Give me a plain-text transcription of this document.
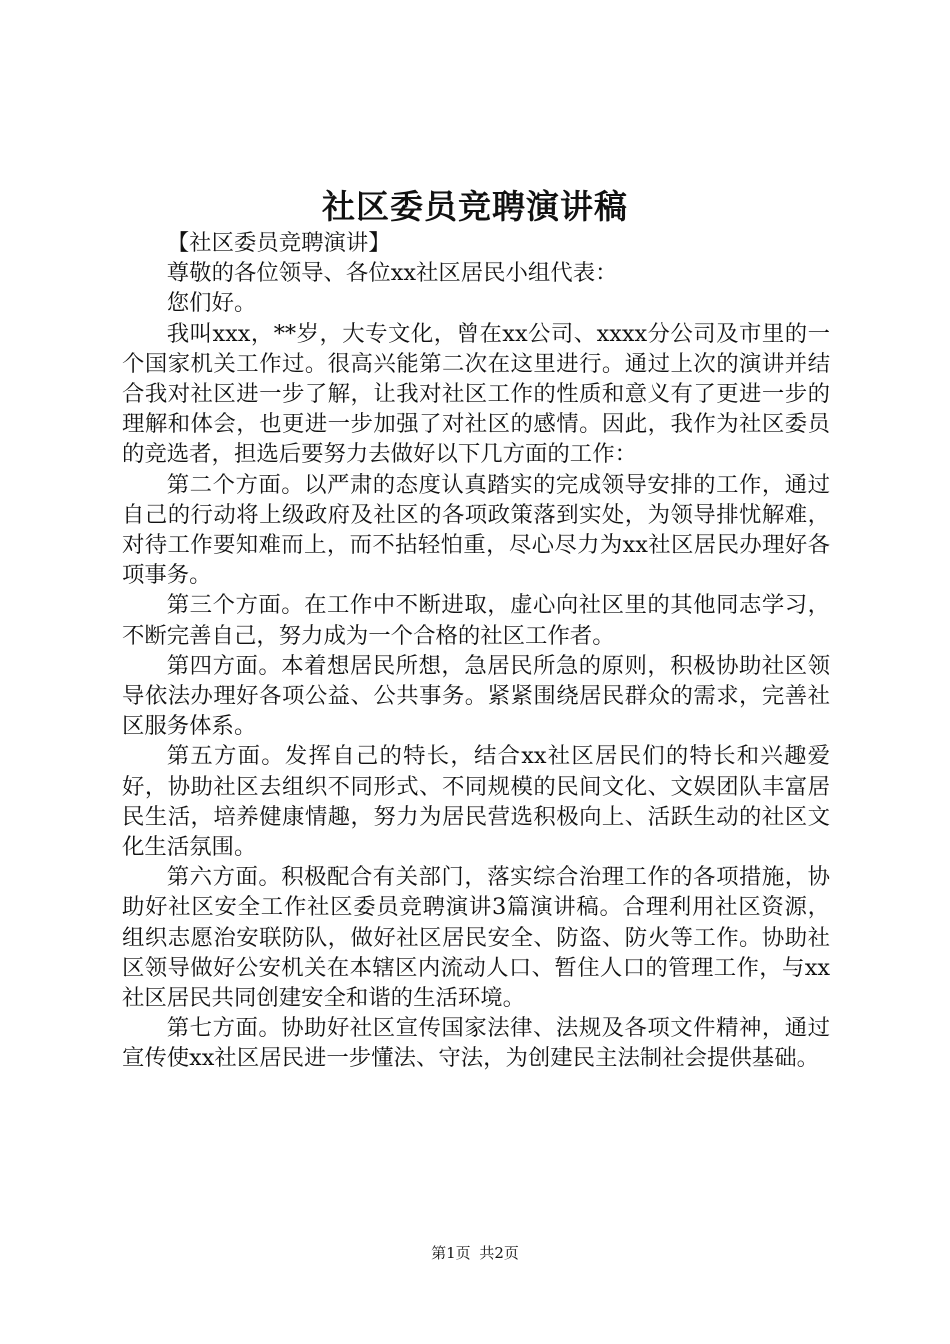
社区委员竞聘演讲稿

【社区委员竞聘演讲】

尊敬的各位领导、各位xx社区居民小组代表：

您们好。

我叫xxx，**岁，大专文化，曾在xx公司、xxxx分公司及市里的一个国家机关工作过。很高兴能第二次在这里进行。通过上次的演讲并结合我对社区进一步了解，让我对社区工作的性质和意义有了更进一步的理解和体会，也更进一步加强了对社区的感情。因此，我作为社区委员的竞选者，担选后要努力去做好以下几方面的工作：

第二个方面。以严肃的态度认真踏实的完成领导安排的工作，通过自己的行动将上级政府及社区的各项政策落到实处，为领导排忧解难，对待工作要知难而上，而不拈轻怕重，尽心尽力为xx社区居民办理好各项事务。

第三个方面。在工作中不断进取，虚心向社区里的其他同志学习，不断完善自己，努力成为一个合格的社区工作者。

第四方面。本着想居民所想，急居民所急的原则，积极协助社区领导依法办理好各项公益、公共事务。紧紧围绕居民群众的需求，完善社区服务体系。

第五方面。发挥自己的特长，结合xx社区居民们的特长和兴趣爱好，协助社区去组织不同形式、不同规模的民间文化、文娱团队丰富居民生活，培养健康情趣，努力为居民营选积极向上、活跃生动的社区文化生活氛围。

第六方面。积极配合有关部门，落实综合治理工作的各项措施，协助好社区安全工作社区委员竞聘演讲3篇演讲稿。合理利用社区资源，组织志愿治安联防队，做好社区居民安全、防盗、防火等工作。协助社区领导做好公安机关在本辖区内流动人口、暂住人口的管理工作，与xx社区居民共同创建安全和谐的生活环境。

第七方面。协助好社区宣传国家法律、法规及各项文件精神，通过宣传使xx社区居民进一步懂法、守法，为创建民主法制社会提供基础。

第1页 共2页
